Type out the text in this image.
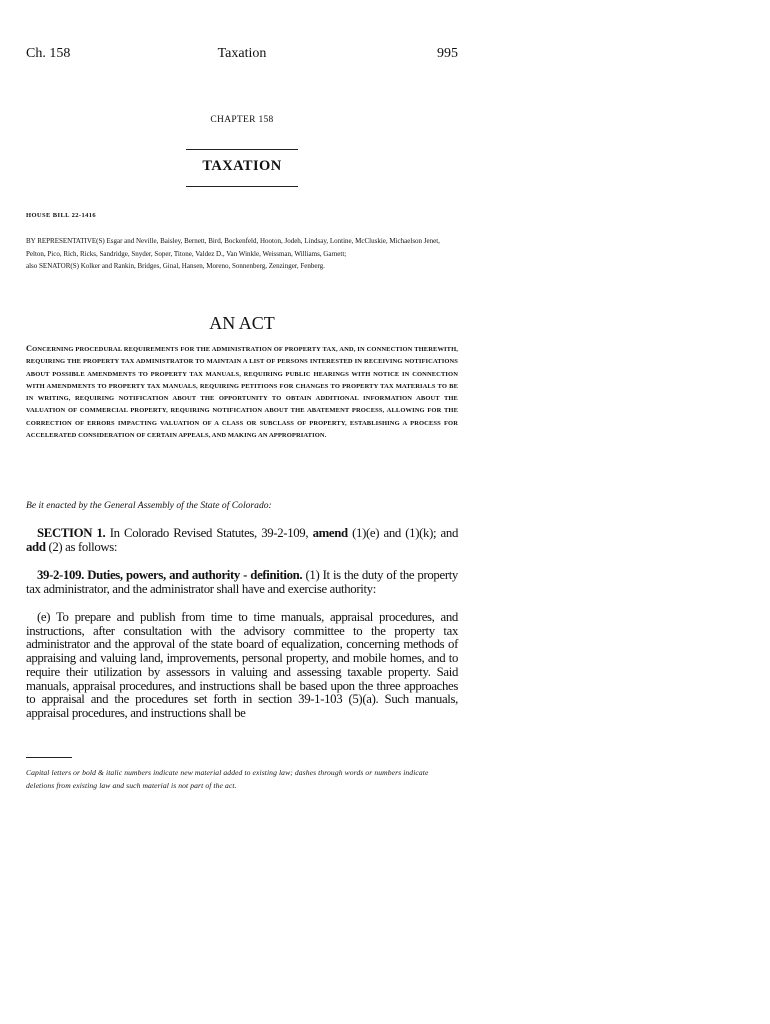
Ch. 158	Taxation	995
CHAPTER 158
TAXATION
HOUSE BILL 22-1416

BY REPRESENTATIVE(S) Esgar and Neville, Baisley, Bernett, Bird, Bockenfeld, Hooton, Jodeh, Lindsay, Lontine, McCluskie, Michaelson Jenet, Pelton, Pico, Rich, Ricks, Sandridge, Snyder, Soper, Titone, Valdez D., Van Winkle, Weissman, Williams, Garnett;

also SENATOR(S) Kolker and Rankin, Bridges, Ginal, Hansen, Moreno, Sonnenberg, Zenzinger, Fenberg.

AN ACT

CONCERNING PROCEDURAL REQUIREMENTS FOR THE ADMINISTRATION OF PROPERTY TAX, AND, IN CONNECTION THEREWITH, REQUIRING THE PROPERTY TAX ADMINISTRATOR TO MAINTAIN A LIST OF PERSONS INTERESTED IN RECEIVING NOTIFICATIONS ABOUT POSSIBLE AMENDMENTS TO PROPERTY TAX MANUALS, REQUIRING PUBLIC HEARINGS WITH NOTICE IN CONNECTION WITH AMENDMENTS TO PROPERTY TAX MANUALS, REQUIRING PETITIONS FOR CHANGES TO PROPERTY TAX MATERIALS TO BE IN WRITING, REQUIRING NOTIFICATION ABOUT THE OPPORTUNITY TO OBTAIN ADDITIONAL INFORMATION ABOUT THE VALUATION OF COMMERCIAL PROPERTY, REQUIRING NOTIFICATION ABOUT THE ABATEMENT PROCESS, ALLOWING FOR THE CORRECTION OF ERRORS IMPACTING VALUATION OF A CLASS OR SUBCLASS OF PROPERTY, ESTABLISHING A PROCESS FOR ACCELERATED CONSIDERATION OF CERTAIN APPEALS, AND MAKING AN APPROPRIATION.

Be it enacted by the General Assembly of the State of Colorado:
SECTION 1. In Colorado Revised Statutes, 39-2-109, amend (1)(e) and (1)(k); and add (2) as follows:
39-2-109. Duties, powers, and authority - definition. (1) It is the duty of the property tax administrator, and the administrator shall have and exercise authority:
(e) To prepare and publish from time to time manuals, appraisal procedures, and instructions, after consultation with the advisory committee to the property tax administrator and the approval of the state board of equalization, concerning methods of appraising and valuing land, improvements, personal property, and mobile homes, and to require their utilization by assessors in valuing and assessing taxable property. Said manuals, appraisal procedures, and instructions shall be based upon the three approaches to appraisal and the procedures set forth in section 39-1-103 (5)(a). Such manuals, appraisal procedures, and instructions shall be
Capital letters or bold & italic numbers indicate new material added to existing law; dashes through words or numbers indicate deletions from existing law and such material is not part of the act.
